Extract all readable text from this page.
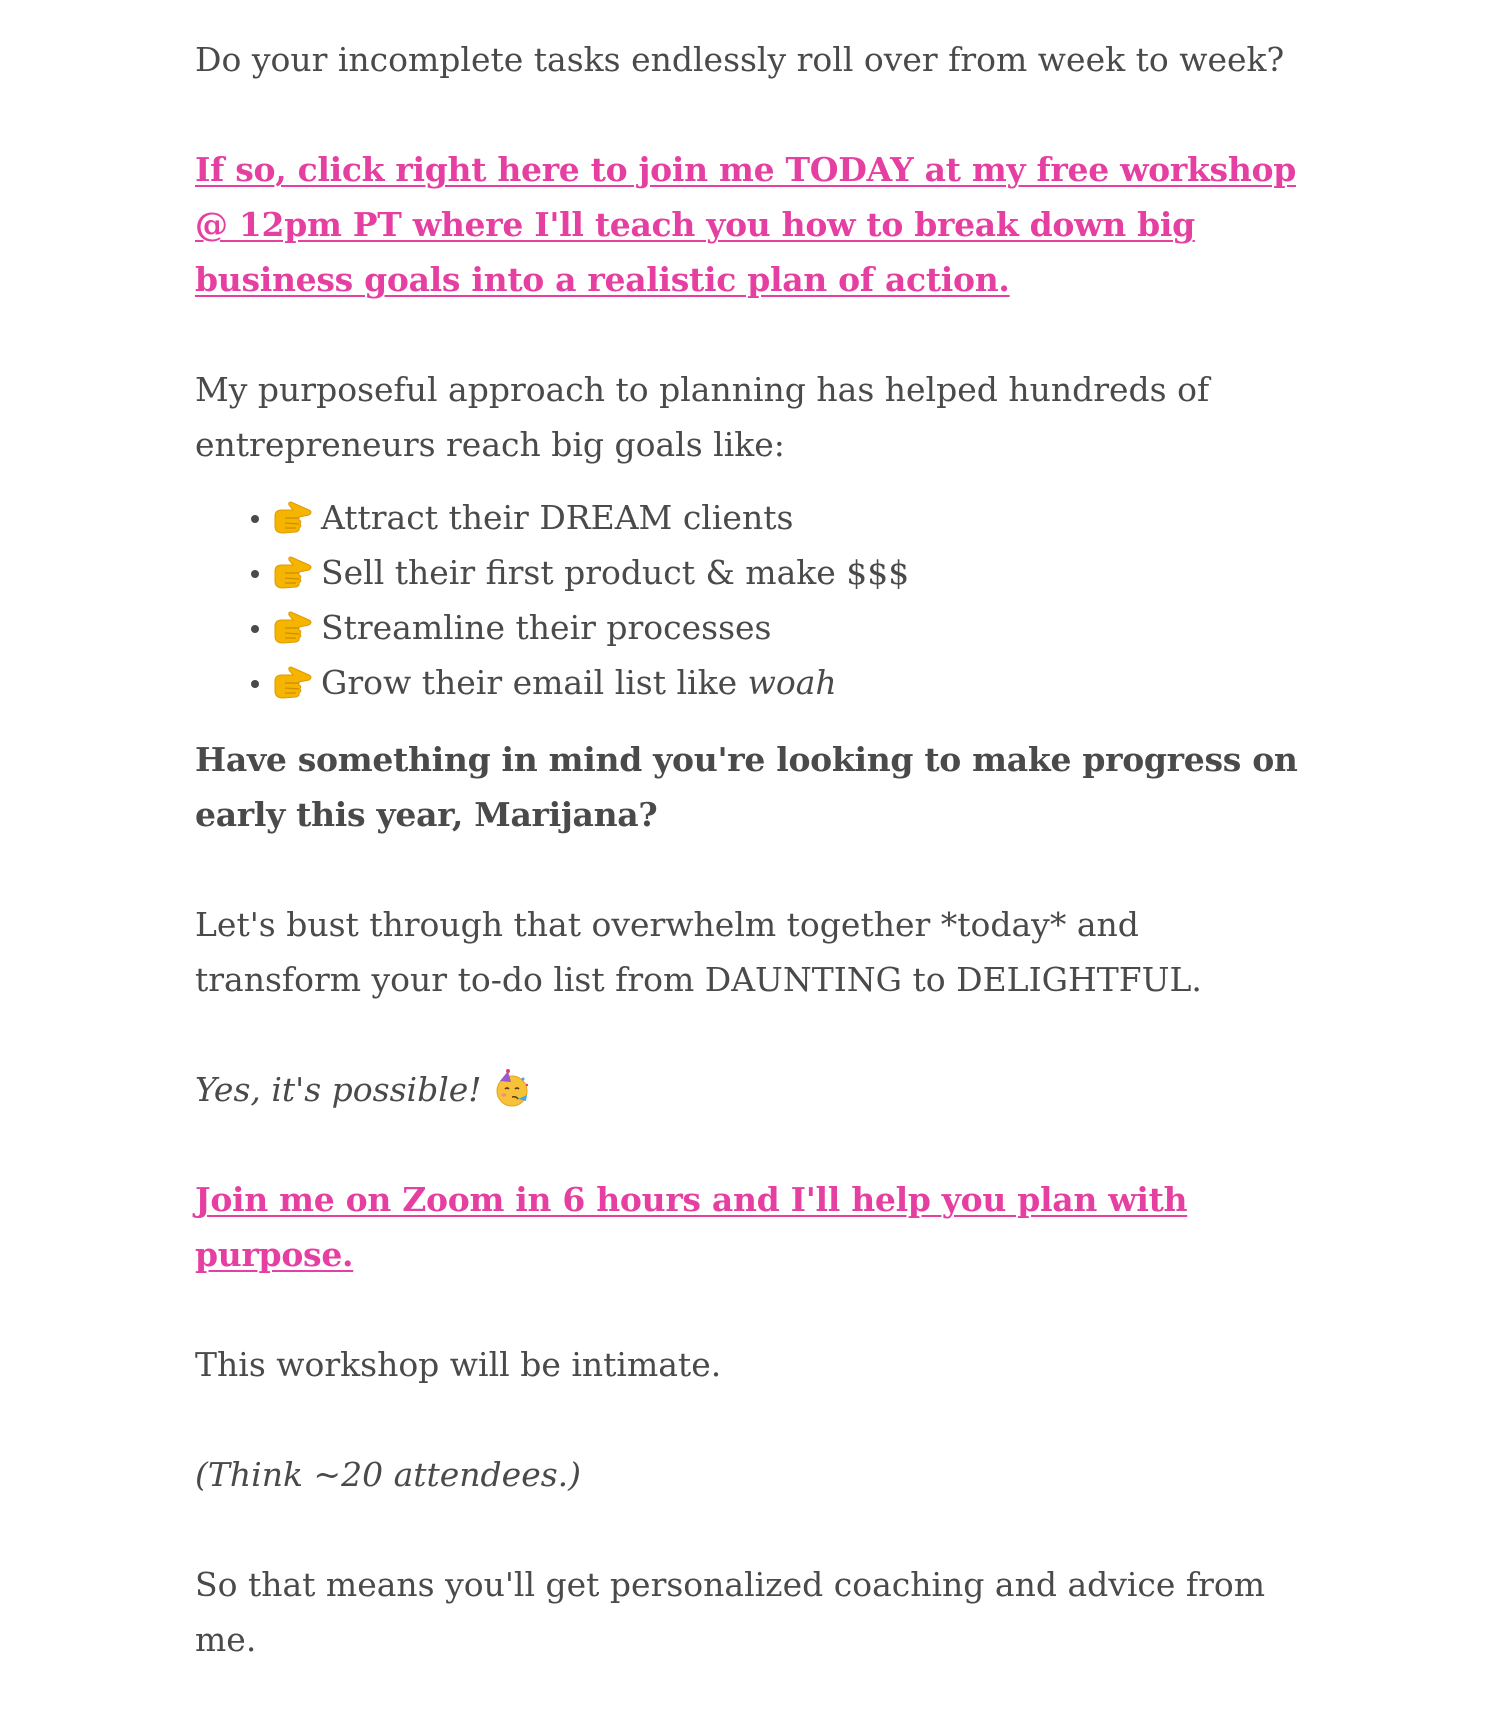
Do your incomplete tasks endlessly roll over from week to week?

If so, click right here to join me TODAY at my free workshop @ 12pm PT where I'll teach you how to break down big business goals into a realistic plan of action.

My purposeful approach to planning has helped hundreds of entrepreneurs reach big goals like:

Attract their DREAM clients
Sell their first product & make $$$
Streamline their processes
Grow their email list like woah

Have something in mind you're looking to make progress on early this year, Marijana?

Let's bust through that overwhelm together *today* and transform your to-do list from DAUNTING to DELIGHTFUL.

Yes, it's possible!

Join me on Zoom in 6 hours and I'll help you plan with purpose.

This workshop will be intimate.

(Think ~20 attendees.)

So that means you'll get personalized coaching and advice from me.
